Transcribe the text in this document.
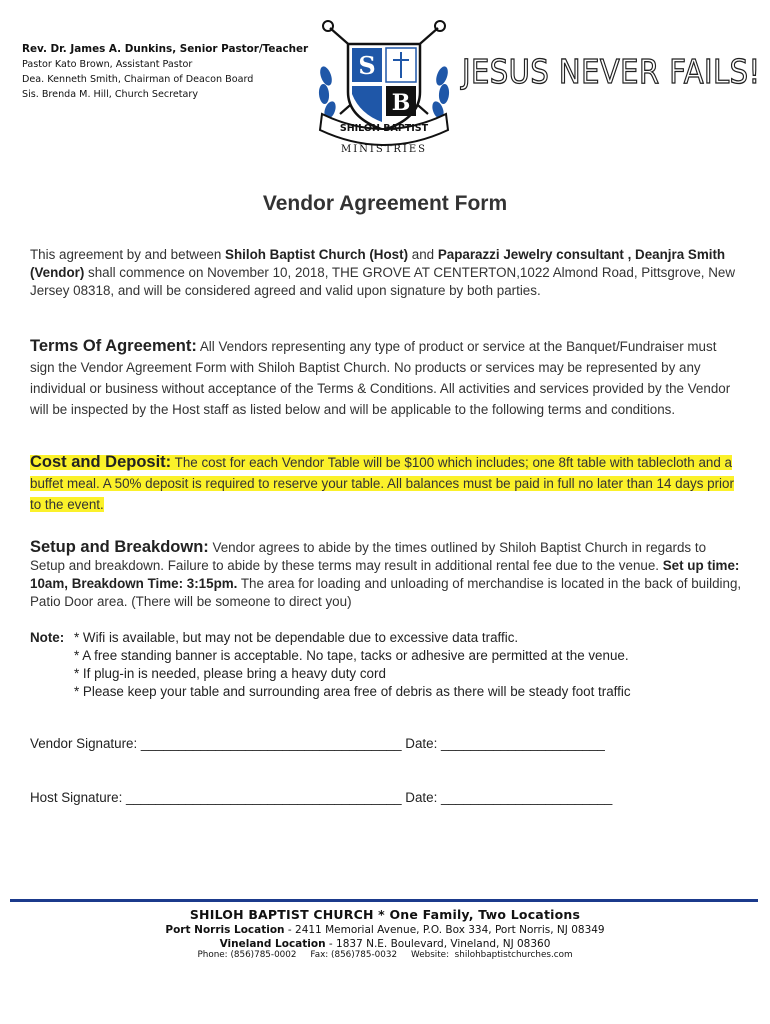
Rev. Dr. James A. Dunkins, Senior Pastor/Teacher
Pastor Kato Brown, Assistant Pastor
Dea. Kenneth Smith, Chairman of Deacon Board
Sis. Brenda M. Hill, Church Secretary
S
B
SHILOH BAPTIST
MINISTRIES
JESUS NEVER FAILS!
Vendor Agreement Form
This agreement by and between Shiloh Baptist Church (Host) and Paparazzi Jewelry consultant , Deanjra Smith (Vendor) shall commence on November 10, 2018, THE GROVE AT CENTERTON,1022 Almond Road, Pittsgrove, New Jersey 08318, and will be considered agreed and valid upon signature by both parties.
Terms Of Agreement: All Vendors representing any type of product or service at the Banquet/Fundraiser must sign the Vendor Agreement Form with Shiloh Baptist Church. No products or services may be represented by any individual or business without acceptance of the Terms & Conditions. All activities and services provided by the Vendor will be inspected by the Host staff as listed below and will be applicable to the following terms and conditions.
Cost and Deposit: The cost for each Vendor Table will be $100 which includes; one 8ft table with tablecloth and a buffet meal. A 50% deposit is required to reserve your table. All balances must be paid in full no later than 14 days prior to the event.
Setup and Breakdown: Vendor agrees to abide by the times outlined by Shiloh Baptist Church in regards to Setup and breakdown. Failure to abide by these terms may result in additional rental fee due to the venue. Set up time: 10am, Breakdown Time: 3:15pm. The area for loading and unloading of merchandise is located in the back of building, Patio Door area. (There will be someone to direct you)
Note: * Wifi is available, but may not be dependable due to excessive data traffic.
* A free standing banner is acceptable. No tape, tacks or adhesive are permitted at the venue.
* If plug-in is needed, please bring a heavy duty cord
* Please keep your table and surrounding area free of debris as there will be steady foot traffic
Vendor Signature: ___________________________________ Date: ______________________
Host Signature: _____________________________________ Date: _______________________
SHILOH BAPTIST CHURCH * One Family, Two Locations
Port Norris Location - 2411 Memorial Avenue, P.O. Box 334, Port Norris, NJ 08349
Vineland Location - 1837 N.E. Boulevard, Vineland, NJ 08360
Phone: (856)785-0002     Fax: (856)785-0032     Website:  shilohbaptistchurches.com
